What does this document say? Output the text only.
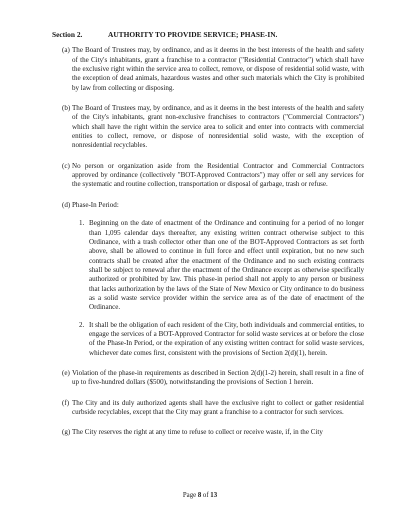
Section 2.	AUTHORITY TO PROVIDE SERVICE; PHASE-IN.
(a) The Board of Trustees may, by ordinance, and as it deems in the best interests of the health and safety of the City's inhabitants, grant a franchise to a contractor ("Residential Contractor") which shall have the exclusive right within the service area to collect, remove, or dispose of residential solid waste, with the exception of dead animals, hazardous wastes and other such materials which the City is prohibited by law from collecting or disposing.
(b) The Board of Trustees may, by ordinance, and as it deems in the best interests of the health and safety of the City's inhabitants, grant non-exclusive franchises to contractors ("Commercial Contractors") which shall have the right within the service area to solicit and enter into contracts with commercial entities to collect, remove, or dispose of nonresidential solid waste, with the exception of nonresidential recyclables.
(c) No person or organization aside from the Residential Contractor and Commercial Contractors approved by ordinance (collectively "BOT-Approved Contractors") may offer or sell any services for the systematic and routine collection, transportation or disposal of garbage, trash or refuse.
(d) Phase-In Period:
1. Beginning on the date of enactment of the Ordinance and continuing for a period of no longer than 1,095 calendar days thereafter, any existing written contract otherwise subject to this Ordinance, with a trash collector other than one of the BOT-Approved Contractors as set forth above, shall be allowed to continue in full force and effect until expiration, but no new such contracts shall be created after the enactment of the Ordinance and no such existing contracts shall be subject to renewal after the enactment of the Ordinance except as otherwise specifically authorized or prohibited by law. This phase-in period shall not apply to any person or business that lacks authorization by the laws of the State of New Mexico or City ordinance to do business as a solid waste service provider within the service area as of the date of enactment of the Ordinance.
2. It shall be the obligation of each resident of the City, both individuals and commercial entities, to engage the services of a BOT-Approved Contractor for solid waste services at or before the close of the Phase-In Period, or the expiration of any existing written contract for solid waste services, whichever date comes first, consistent with the provisions of Section 2(d)(1), herein.
(e) Violation of the phase-in requirements as described in Section 2(d)(1-2) herein, shall result in a fine of up to five-hundred dollars ($500), notwithstanding the provisions of Section 1 herein.
(f) The City and its duly authorized agents shall have the exclusive right to collect or gather residential curbside recyclables, except that the City may grant a franchise to a contractor for such services.
(g) The City reserves the right at any time to refuse to collect or receive waste, if, in the City
Page 8 of 13
